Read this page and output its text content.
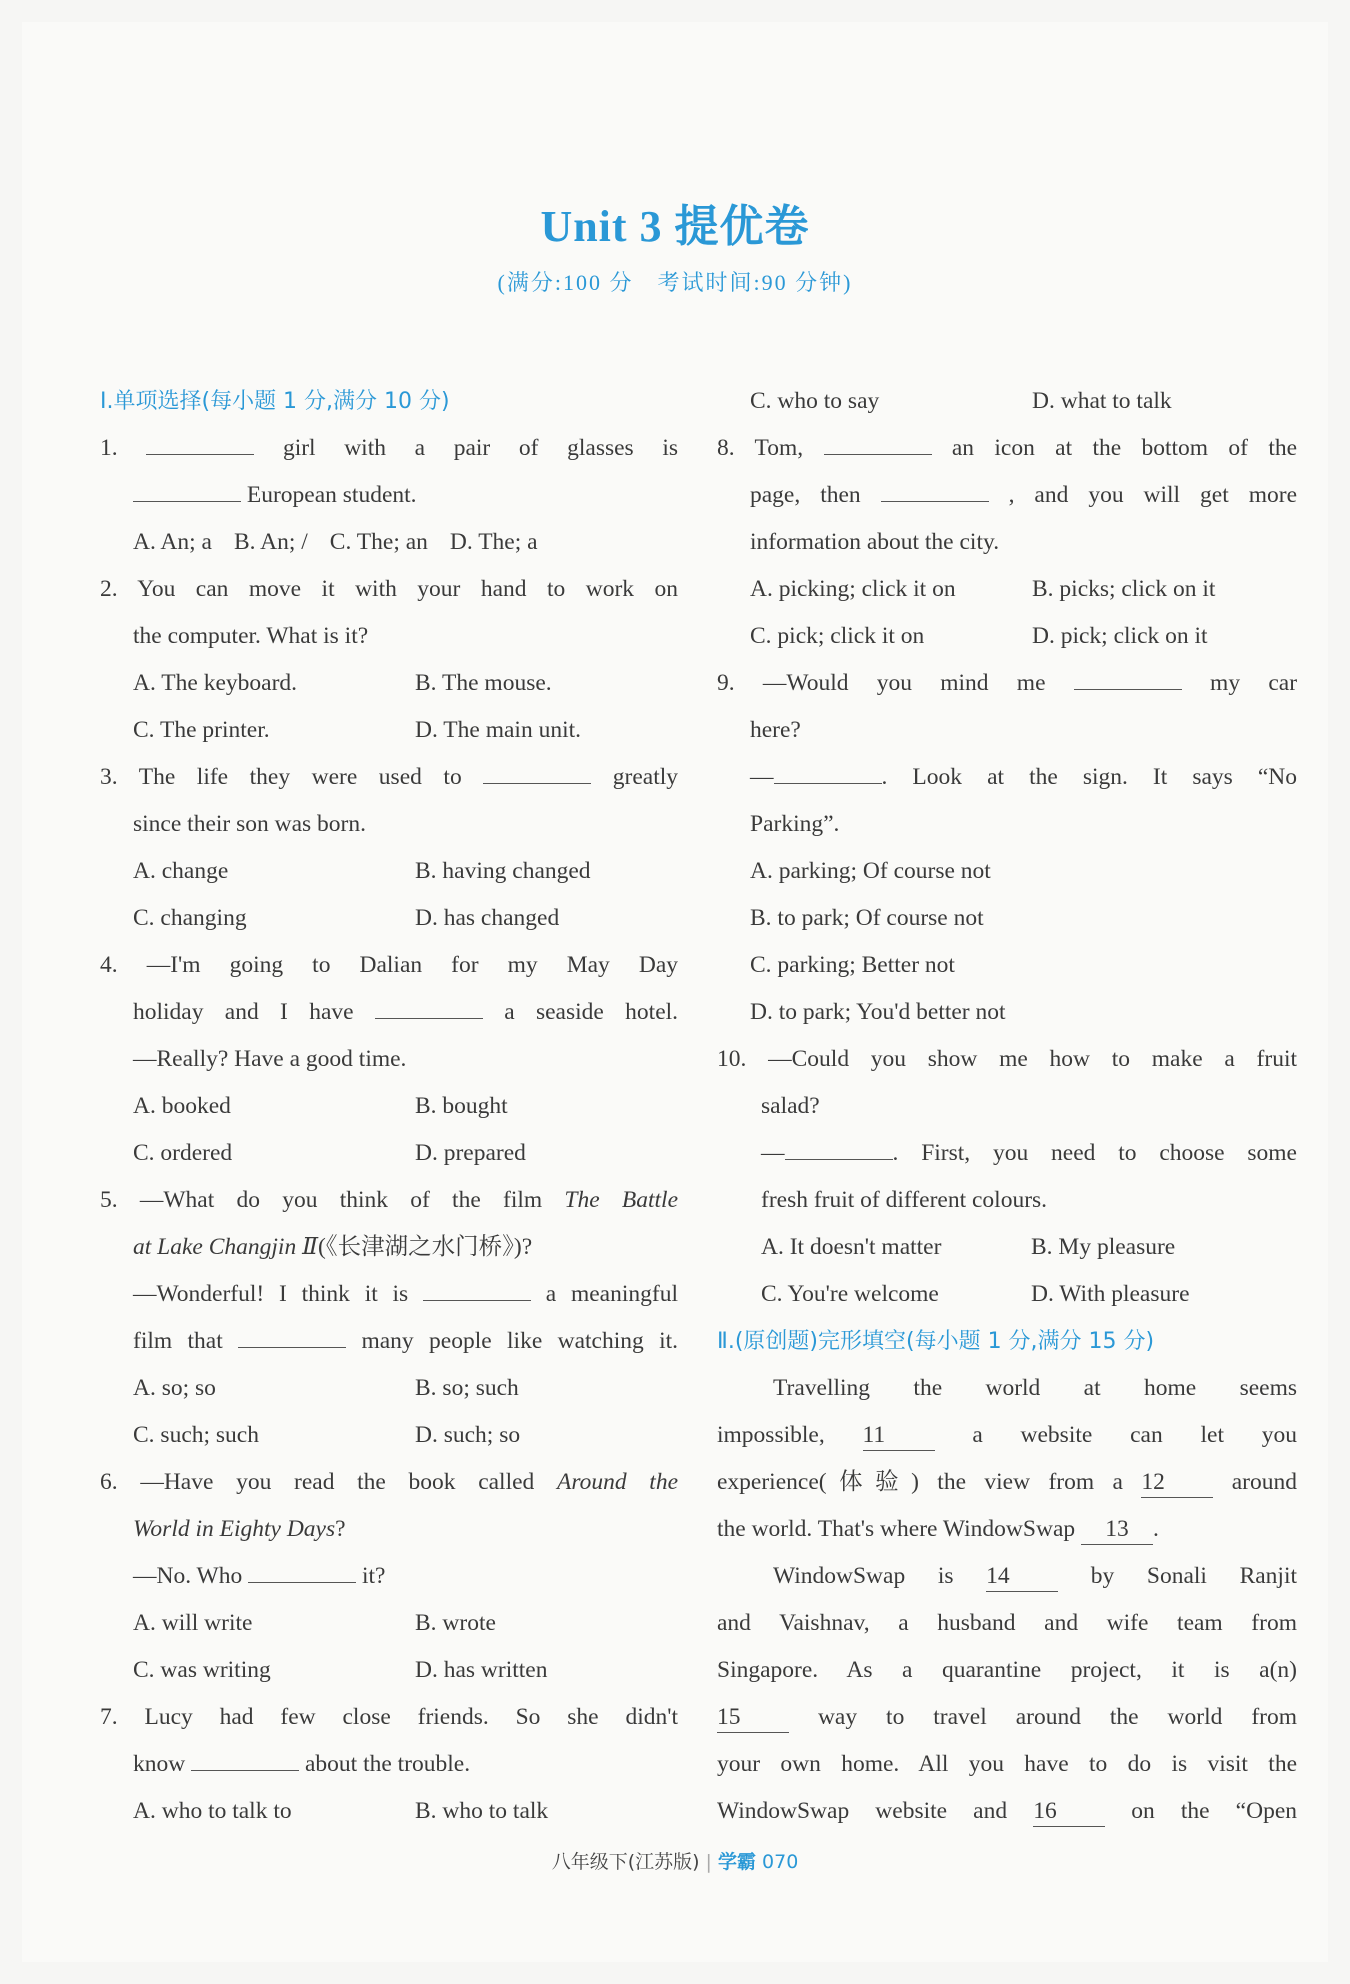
Unit 3 提优卷
(满分:100 分　考试时间:90 分钟)
Ⅰ.单项选择(每小题 1 分,满分 10 分)
1.	girl with a pair of glasses is
European student.
A. An; a B. An; / C. The; an D. The; a
2. You can move it with your hand to work on
the computer. What is it?
A. The keyboard.	B. The mouse.
C. The printer.	D. The main unit.
3. The life they were used to	greatly
since their son was born.
A. change	B. having changed
C. changing	D. has changed
4. —I'm going to Dalian for my May Day
holiday and I have	a seaside hotel.
—Really? Have a good time.
A. booked	B. bought
C. ordered	D. prepared
5. —What do you think of the film The Battle
at Lake Changjin Ⅱ(《长津湖之水门桥》)?
—Wonderful! I think it is	a meaningful
film that	many people like watching it.
A. so; so	B. so; such
C. such; such	D. such; so
6. —Have you read the book called Around the
World in Eighty Days?
—No. Who	it?
A. will write	B. wrote
C. was writing	D. has written
7. Lucy had few close friends. So she didn't
know	about the trouble.
A. who to talk to	B. who to talk
C. who to say	D. what to talk
8. Tom,	an icon at the bottom of the
page, then	, and you will get more
information about the city.
A. picking; click it on	B. picks; click on it
C. pick; click it on	D. pick; click on it
9. —Would you mind me	my car
here?
—	. Look at the sign. It says “No
Parking”.
A. parking; Of course not
B. to park; Of course not
C. parking; Better not
D. to park; You'd better not
10. —Could you show me how to make a fruit
salad?
—	. First, you need to choose some
fresh fruit of different colours.
A. It doesn't matter	B. My pleasure
C. You're welcome	D. With pleasure
Ⅱ.(原创题)完形填空(每小题 1 分,满分 15 分)
Travelling the world at home seems
impossible, 11	a website can let you
experience(体验) the view from a 12	around
the world. That's where WindowSwap 13 .
WindowSwap is 14	by Sonali Ranjit
and Vaishnav, a husband and wife team from
Singapore. As a quarantine project, it is a(n)
15	way to travel around the world from
your own home. All you have to do is visit the
WindowSwap website and 16	on the “Open
八年级下(江苏版) | 学霸 070
